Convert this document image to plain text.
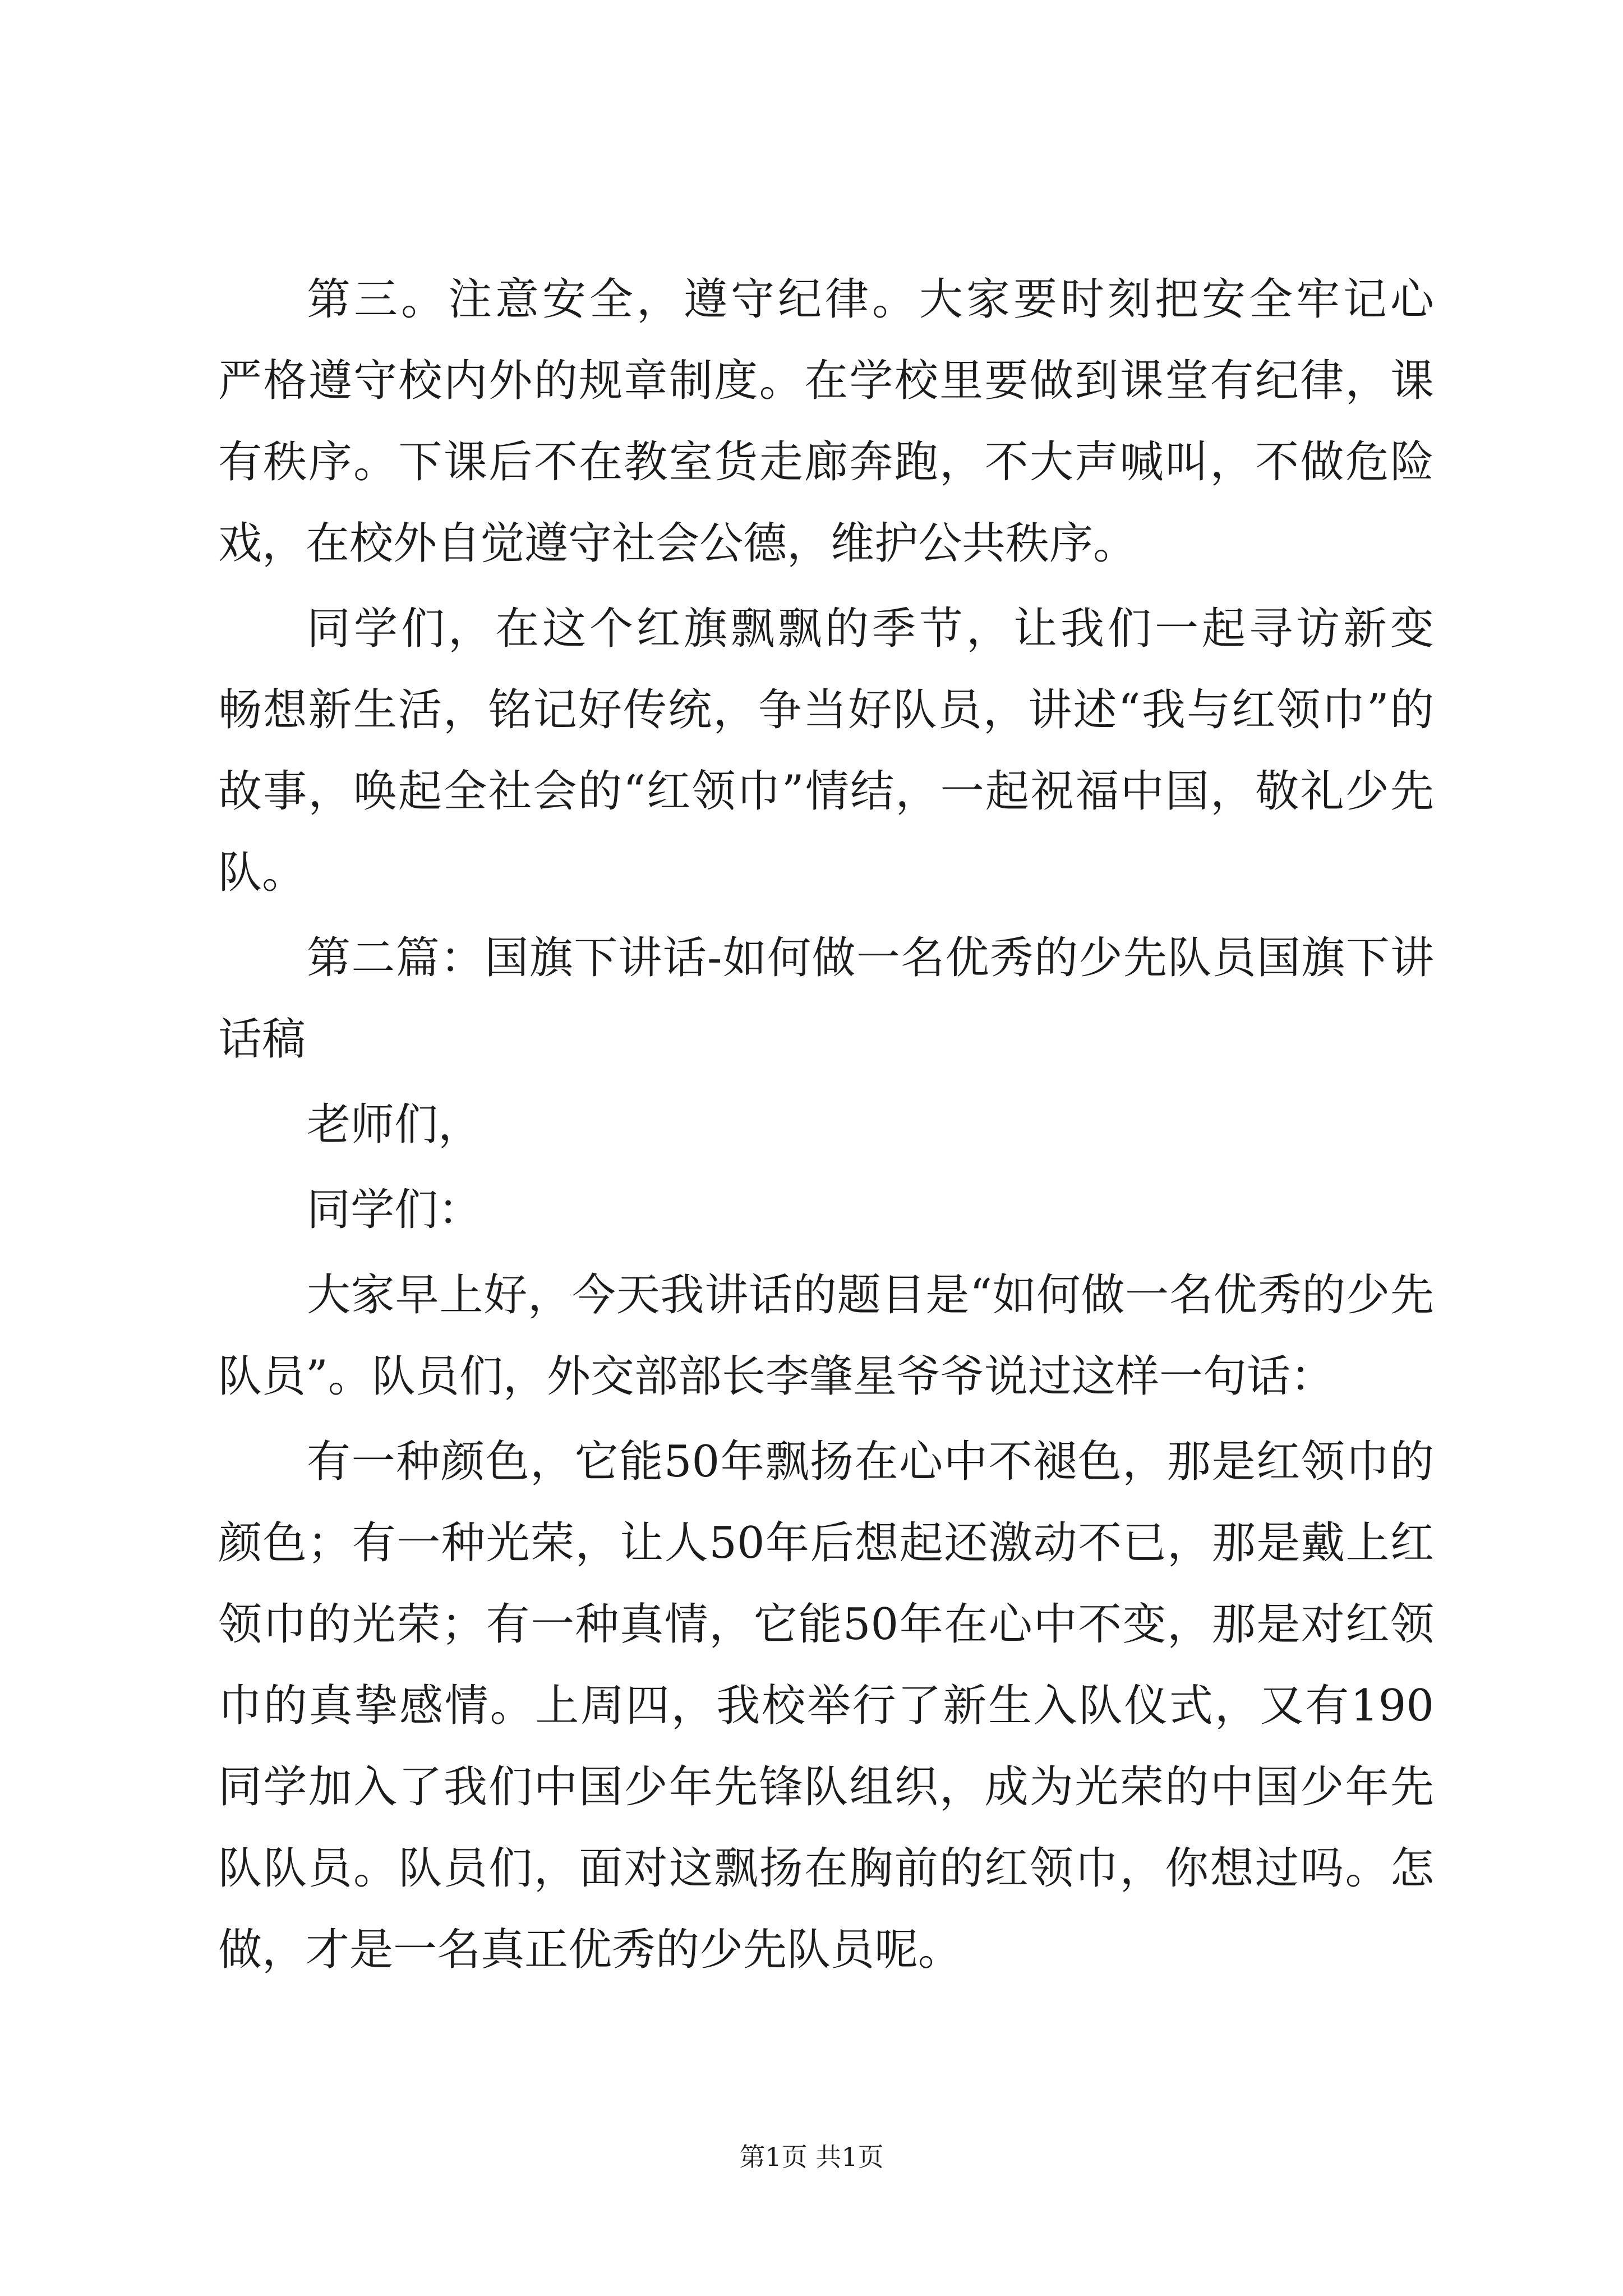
第三。注意安全，遵守纪律。大家要时刻把安全牢记心
严格遵守校内外的规章制度。在学校里要做到课堂有纪律，课
有秩序。下课后不在教室货走廊奔跑，不大声喊叫，不做危险
戏，在校外自觉遵守社会公德，维护公共秩序。
同学们，在这个红旗飘飘的季节，让我们一起寻访新变
畅想新生活，铭记好传统，争当好队员，讲述“我与红领巾”的
故事，唤起全社会的“红领巾”情结，一起祝福中国，敬礼少先
队。
第二篇：国旗下讲话-如何做一名优秀的少先队员国旗下讲
话稿
老师们，
同学们：
大家早上好，今天我讲话的题目是“如何做一名优秀的少先
队员”。队员们，外交部部长李肇星爷爷说过这样一句话：
有一种颜色，它能50年飘扬在心中不褪色，那是红领巾的
颜色；有一种光荣，让人50年后想起还激动不已，那是戴上红
领巾的光荣；有一种真情，它能50年在心中不变，那是对红领
巾的真挚感情。上周四，我校举行了新生入队仪式，又有190
同学加入了我们中国少年先锋队组织，成为光荣的中国少年先
队队员。队员们，面对这飘扬在胸前的红领巾，你想过吗。怎
做，才是一名真正优秀的少先队员呢。
第1页 共1页
